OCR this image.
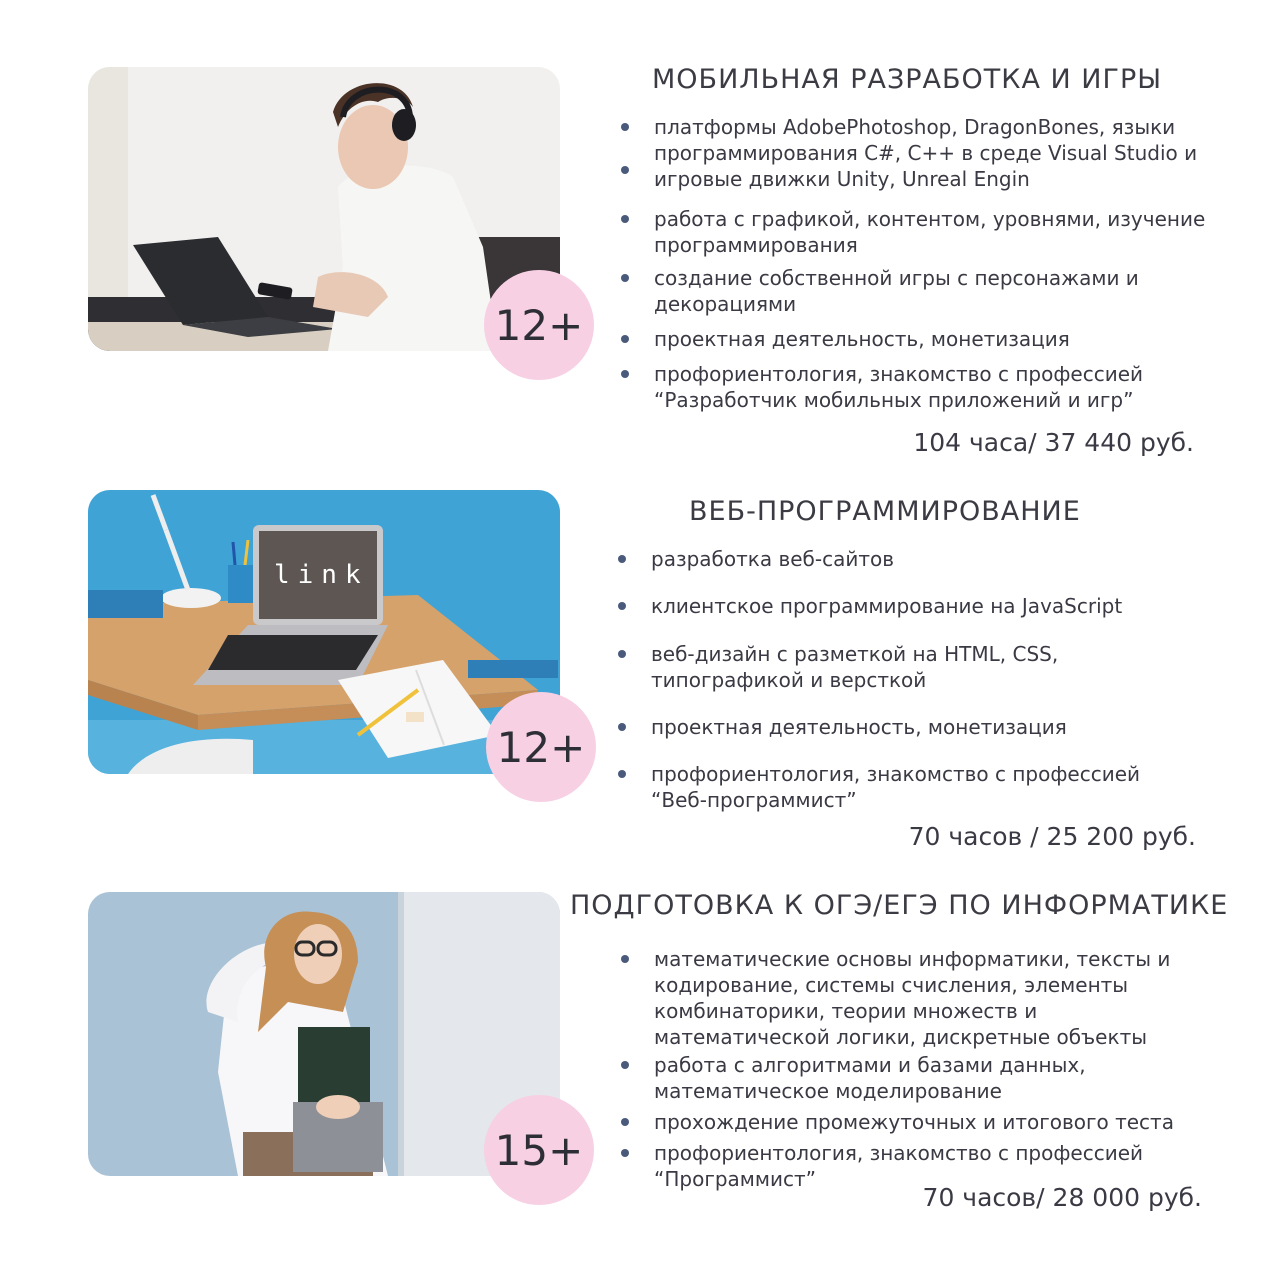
12+
МОБИЛЬНАЯ РАЗРАБОТКА И ИГРЫ
платформы AdobePhotoshop, DragonBones, языки программирования C#, C++ в среде Visual Studio и игровые движки Unity, Unreal Engin
работа с графикой, контентом, уровнями, изучение программирования
создание собственной игры с персонажами и декорациями
проектная деятельность, монетизация
профориентология, знакомство с профессией “Разработчик мобильных приложений и игр”

104 часа/ 37 440 руб.

link
12+
ВЕБ-ПРОГРАММИРОВАНИЕ
разработка веб-сайтов
клиентское программирование на JavaScript
веб-дизайн с разметкой на HTML, CSS, типографикой и версткой
проектная деятельность, монетизация
профориентология, знакомство с профессией “Веб-программист”

70 часов / 25 200 руб.

15+
ПОДГОТОВКА К ОГЭ/ЕГЭ ПО ИНФОРМАТИКЕ
математические основы информатики, тексты и кодирование, системы счисления, элементы комбинаторики, теории множеств и математической логики, дискретные объекты
работа с алгоритмами и базами данных, математическое моделирование
прохождение промежуточных и итогового теста
профориентология, знакомство с профессией “Программист”

70 часов/ 28 000 руб.
